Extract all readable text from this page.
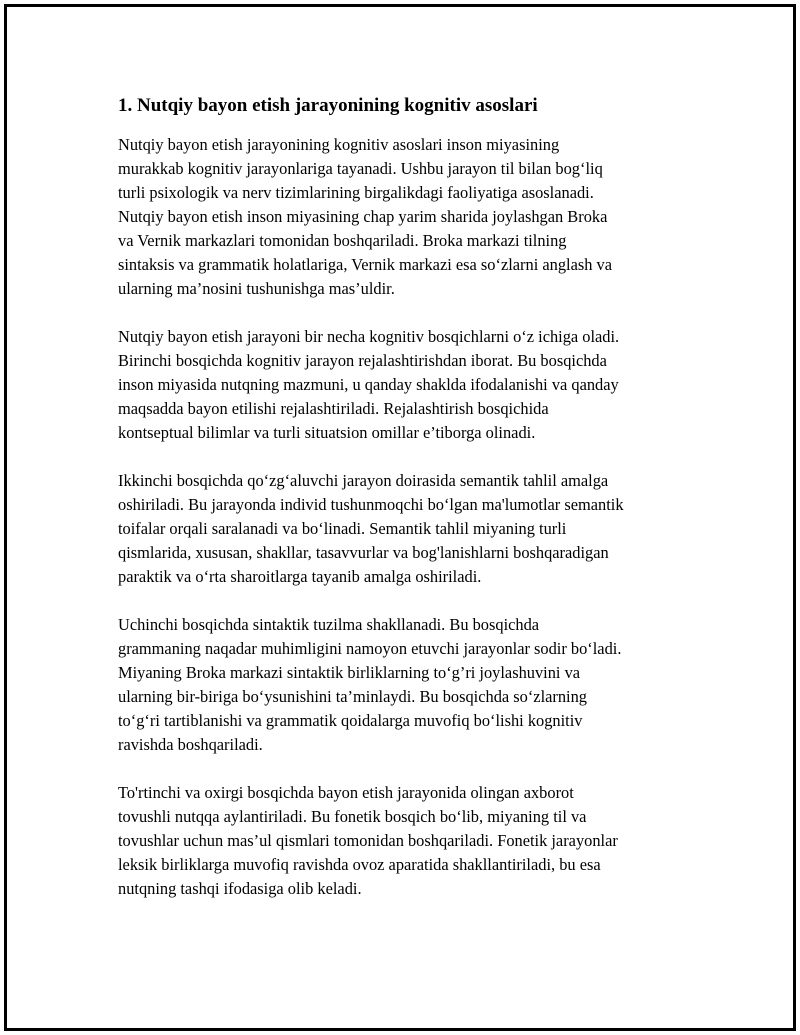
1. Nutqiy bayon etish jarayonining kognitiv asoslari

Nutqiy bayon etish jarayonining kognitiv asoslari inson miyasining
murakkab kognitiv jarayonlariga tayanadi. Ushbu jarayon til bilan bog‘liq
turli psixologik va nerv tizimlarining birgalikdagi faoliyatiga asoslanadi.
Nutqiy bayon etish inson miyasining chap yarim sharida joylashgan Broka
va Vernik markazlari tomonidan boshqariladi. Broka markazi tilning
sintaksis va grammatik holatlariga, Vernik markazi esa so‘zlarni anglash va
ularning ma’nosini tushunishga mas’uldir.

Nutqiy bayon etish jarayoni bir necha kognitiv bosqichlarni o‘z ichiga oladi.
Birinchi bosqichda kognitiv jarayon rejalashtirishdan iborat. Bu bosqichda
inson miyasida nutqning mazmuni, u qanday shaklda ifodalanishi va qanday
maqsadda bayon etilishi rejalashtiriladi. Rejalashtirish bosqichida
kontseptual bilimlar va turli situatsion omillar e’tiborga olinadi.

Ikkinchi bosqichda qo‘zg‘aluvchi jarayon doirasida semantik tahlil amalga
oshiriladi. Bu jarayonda individ tushunmoqchi bo‘lgan ma'lumotlar semantik
toifalar orqali saralanadi va bo‘linadi. Semantik tahlil miyaning turli
qismlarida, xususan, shakllar, tasavvurlar va bog'lanishlarni boshqaradigan
paraktik va o‘rta sharoitlarga tayanib amalga oshiriladi.

Uchinchi bosqichda sintaktik tuzilma shakllanadi. Bu bosqichda
grammaning naqadar muhimligini namoyon etuvchi jarayonlar sodir bo‘ladi.
Miyaning Broka markazi sintaktik birliklarning to‘g’ri joylashuvini va
ularning bir-biriga bo‘ysunishini ta’minlaydi. Bu bosqichda so‘zlarning
to‘g‘ri tartiblanishi va grammatik qoidalarga muvofiq bo‘lishi kognitiv
ravishda boshqariladi.

To'rtinchi va oxirgi bosqichda bayon etish jarayonida olingan axborot
tovushli nutqqa aylantiriladi. Bu fonetik bosqich bo‘lib, miyaning til va
tovushlar uchun mas’ul qismlari tomonidan boshqariladi. Fonetik jarayonlar
leksik birliklarga muvofiq ravishda ovoz aparatida shakllantiriladi, bu esa
nutqning tashqi ifodasiga olib keladi.
